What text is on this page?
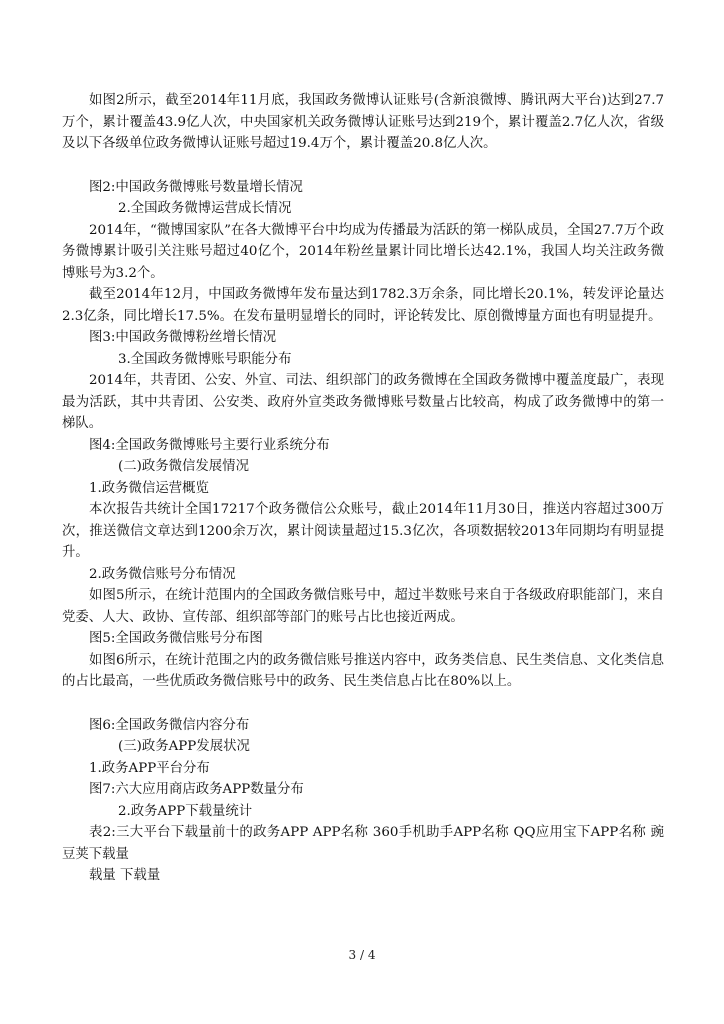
如图2所示，截至2014年11月底，我国政务微博认证账号(含新浪微博、腾讯两大平台)达到27.7万个，累计覆盖43.9亿人次，中央国家机关政务微博认证账号达到219个，累计覆盖2.7亿人次，省级及以下各级单位政务微博认证账号超过19.4万个，累计覆盖20.8亿人次。

图2:中国政务微博账号数量增长情况

2.全国政务微博运营成长情况

2014年，“微博国家队”在各大微博平台中均成为传播最为活跃的第一梯队成员，全国27.7万个政务微博累计吸引关注账号超过40亿个，2014年粉丝量累计同比增长达42.1%，我国人均关注政务微博账号为3.2个。

截至2014年12月，中国政务微博年发布量达到1782.3万余条，同比增长20.1%，转发评论量达2.3亿条，同比增长17.5%。在发布量明显增长的同时，评论转发比、原创微博量方面也有明显提升。

图3:中国政务微博粉丝增长情况

3.全国政务微博账号职能分布

2014年，共青团、公安、外宣、司法、组织部门的政务微博在全国政务微博中覆盖度最广，表现最为活跃，其中共青团、公安类、政府外宣类政务微博账号数量占比较高，构成了政务微博中的第一梯队。

图4:全国政务微博账号主要行业系统分布

(二)政务微信发展情况

1.政务微信运营概览

本次报告共统计全国17217个政务微信公众账号，截止2014年11月30日，推送内容超过300万次，推送微信文章达到1200余万次，累计阅读量超过15.3亿次，各项数据较2013年同期均有明显提升。

2.政务微信账号分布情况

如图5所示，在统计范围内的全国政务微信账号中，超过半数账号来自于各级政府职能部门，来自党委、人大、政协、宣传部、组织部等部门的账号占比也接近两成。

图5:全国政务微信账号分布图

如图6所示，在统计范围之内的政务微信账号推送内容中，政务类信息、民生类信息、文化类信息的占比最高，一些优质政务微信账号中的政务、民生类信息占比在80%以上。

图6:全国政务微信内容分布

(三)政务APP发展状况

1.政务APP平台分布

图7:六大应用商店政务APP数量分布

2.政务APP下载量统计

表2:三大平台下载量前十的政务APP APP名称 360手机助手APP名称 QQ应用宝下APP名称 豌豆荚下载量

载量 下载量

3 / 4
